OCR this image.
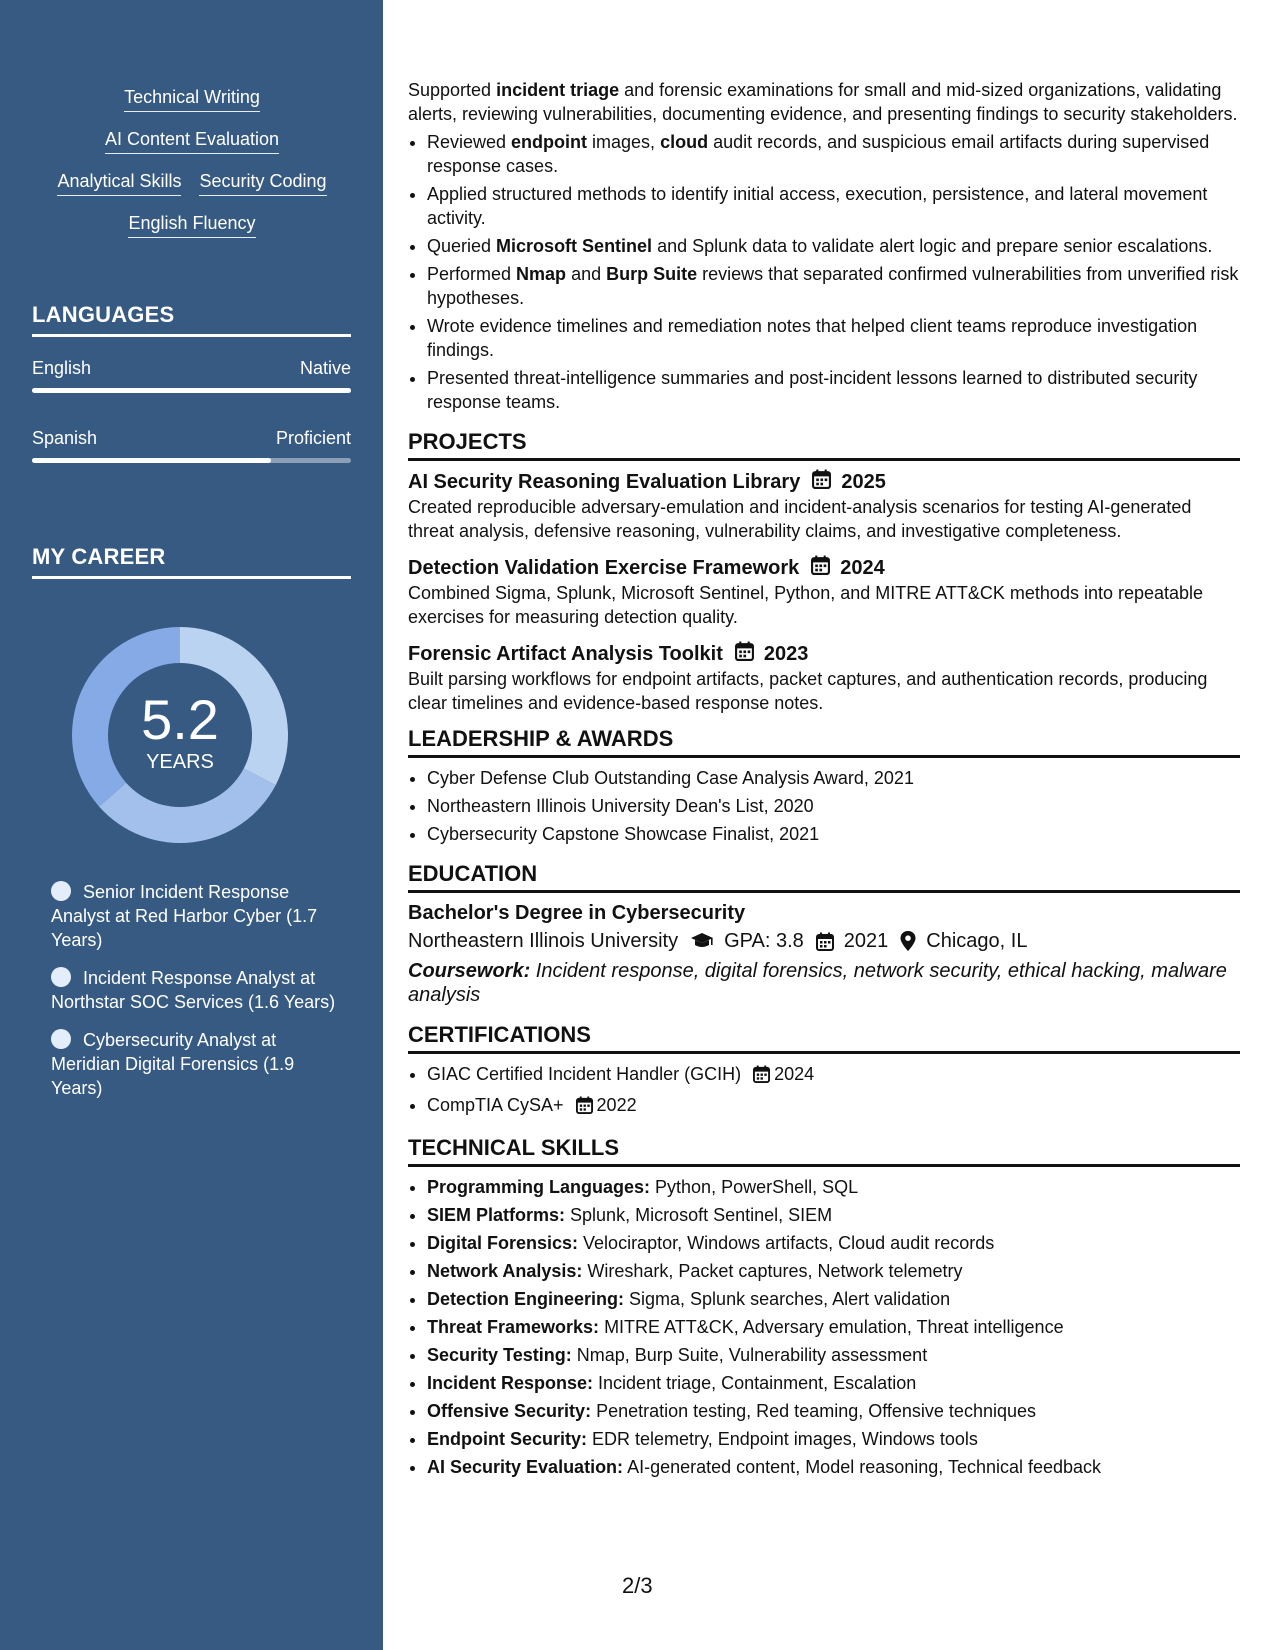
Technical Writing
AI Content Evaluation
Analytical Skills Security Coding
English Fluency
LANGUAGES
English	Native
Spanish	Proficient
MY CAREER
5.2
YEARS
Senior Incident Response Analyst at Red Harbor Cyber (1.7 Years)
Incident Response Analyst at Northstar SOC Services (1.6 Years)
Cybersecurity Analyst at Meridian Digital Forensics (1.9 Years)

Supported incident triage and forensic examinations for small and mid-sized organizations, validating alerts, reviewing vulnerabilities, documenting evidence, and presenting findings to security stakeholders.

• Reviewed endpoint images, cloud audit records, and suspicious email artifacts during supervised response cases.
• Applied structured methods to identify initial access, execution, persistence, and lateral movement activity.
• Queried Microsoft Sentinel and Splunk data to validate alert logic and prepare senior escalations.
• Performed Nmap and Burp Suite reviews that separated confirmed vulnerabilities from unverified risk hypotheses.
• Wrote evidence timelines and remediation notes that helped client teams reproduce investigation findings.
• Presented threat-intelligence summaries and post-incident lessons learned to distributed security response teams.
PROJECTS
AI Security Reasoning Evaluation Library 2025
Created reproducible adversary-emulation and incident-analysis scenarios for testing AI-generated threat analysis, defensive reasoning, vulnerability claims, and investigative completeness.
Detection Validation Exercise Framework 2024
Combined Sigma, Splunk, Microsoft Sentinel, Python, and MITRE ATT&CK methods into repeatable exercises for measuring detection quality.
Forensic Artifact Analysis Toolkit 2023
Built parsing workflows for endpoint artifacts, packet captures, and authentication records, producing clear timelines and evidence-based response notes.
LEADERSHIP & AWARDS
• Cyber Defense Club Outstanding Case Analysis Award, 2021
• Northeastern Illinois University Dean's List, 2020
• Cybersecurity Capstone Showcase Finalist, 2021
EDUCATION
Bachelor's Degree in Cybersecurity
Northeastern Illinois University GPA: 3.8 2021 Chicago, IL
Coursework: Incident response, digital forensics, network security, ethical hacking, malware analysis
CERTIFICATIONS
• GIAC Certified Incident Handler (GCIH) 2024
• CompTIA CySA+ 2022
TECHNICAL SKILLS
• Programming Languages: Python, PowerShell, SQL
• SIEM Platforms: Splunk, Microsoft Sentinel, SIEM
• Digital Forensics: Velociraptor, Windows artifacts, Cloud audit records
• Network Analysis: Wireshark, Packet captures, Network telemetry
• Detection Engineering: Sigma, Splunk searches, Alert validation
• Threat Frameworks: MITRE ATT&CK, Adversary emulation, Threat intelligence
• Security Testing: Nmap, Burp Suite, Vulnerability assessment
• Incident Response: Incident triage, Containment, Escalation
• Offensive Security: Penetration testing, Red teaming, Offensive techniques
• Endpoint Security: EDR telemetry, Endpoint images, Windows tools
• AI Security Evaluation: AI-generated content, Model reasoning, Technical feedback
2/3
